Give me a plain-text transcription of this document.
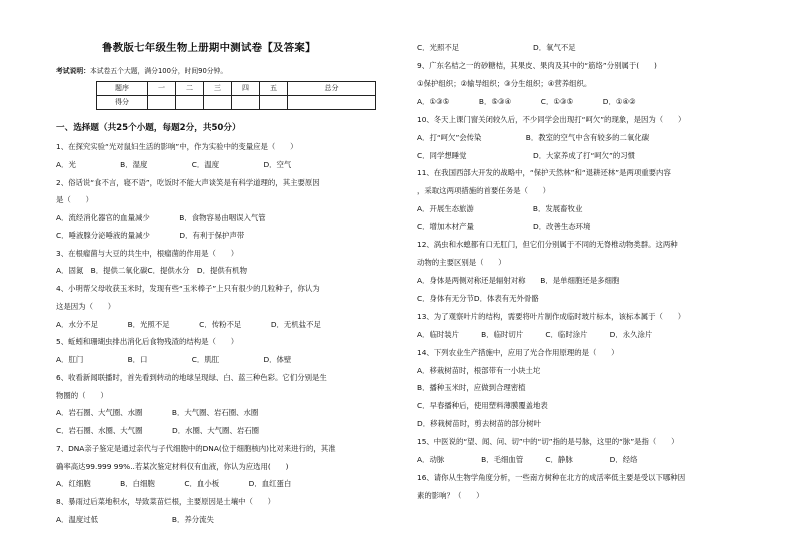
鲁教版七年级生物上册期中测试卷【及答案】
考试说明：本试卷五个大题，满分100分，时间90分钟。
题序	一	二	三	四	五	总分
得分						
一、选择题（共25个小题，每题2分，共50分）
1、在探究实验“光对鼠妇生活的影响”中，作为实验中的变量应是（　　）
A．光　　　　　　B．湿度　　　　　　C．温度　　　　　　D．空气
2、俗话说“食不言，寝不语”，吃饭时不能大声谈笑是有科学道理的，其主要原因
是（　　）
A．流经消化器官的血量减少　　　　B．食物容易由咽误入气管
C．唾液腺分泌唾液的量减少　　　　D．有利于保护声带
3、在根瘤菌与大豆的共生中，根瘤菌的作用是（　　）
A．固氮　B．提供二氧化碳C．提供水分　D．提供有机物
4、小明帮父母收获玉米时，发现有些“玉米棒子”上只有很少的几粒种子，你认为
这是因为（　　）
A．水分不足　　　　B．光照不足　　　　C．传粉不足　　　　D．无机盐不足
5、蚯蚓和珊瑚虫排出消化后食物残渣的结构是（　　）
A．肛门　　　　　　B．口　　　　　　C．肌肛　　　　　　D．体壁
6、收看新闻联播时，首先看到转动的地球呈现绿、白、蓝三种色彩。它们分别是生
物圈的（　　）
A．岩石圈、大气圈、水圈　　　　B．大气圈、岩石圈、水圈
C．岩石圈、水圈、大气圈　　　　D．水圈、大气圈、岩石圈
7、DNA亲子鉴定是通过亲代与子代细胞中的DNA(位于细胞核内)比对来进行的，其准
确率高达99.999 99%..若某次鉴定材料仅有血液，你认为应选用(　　)
A．红细胞　　　　B．白细胞　　　　C．血小板　　　　D．血红蛋白
8、暴雨过后菜地积水，导致菜苗烂根，主要原因是土壤中（　　）
A．温度过低　　　　　　　　　　B．养分流失
C．光照不足　　　　　　　　　　D．氧气不足
9、广东名桔之一的砂糖桔，其果皮、果肉及其中的“筋络”分别属于(　　)
①保护组织；②输导组织；③分生组织；④营养组织。
A．①③⑤　　　　B．⑤③④　　　　C．①③⑤　　　　D．①④②
10、冬天上课门窗关闭较久后，不少同学会出现打“呵欠”的现象，是因为（　　）
A．打“呵欠”会传染　　　　　　B．教室的空气中含有较多的二氧化碳
C．同学想睡觉　　　　　　　　　D．大家养成了打“呵欠”的习惯
11、在我国西部大开发的战略中，“保护天然林”和“退耕还林”是两项重要内容
，采取这两项措施的首要任务是（　　）
A．开展生态旅游　　　　　　　　B．发展畜牧业
C．增加木材产量　　　　　　　　D．改善生态环境
12、涡虫和水螅都有口无肛门，但它们分别属于不同的无脊椎动物类群。这两种
动物的主要区别是（　　）
A．身体是两侧对称还是辐射对称　　B．是单细胞还是多细胞
C．身体有无分节D．体表有无外骨骼
13、为了观察叶片的结构，需要将叶片制作成临时玻片标本，该标本属于（　　）
A．临时装片　　　B．临时切片　　　C．临时涂片　　　D．永久涂片
14、下列农业生产措施中，应用了光合作用原理的是（　　）
A．移栽树苗时，根部带有一小块土坨
B．播种玉米时，应做到合理密植
C．早春播种后，使用塑料薄膜覆盖地表
D．移栽树苗时，剪去树苗的部分树叶
15、中医说的“望、闻、问、切”中的“切”指的是号脉，这里的“脉”是指（　　）
A．动脉　　　　　B．毛细血管　　　C．静脉　　　　　D．经络
16、请你从生物学角度分析，一些南方树种在北方的成活率低主要是受以下哪种因
素的影响？（　　）
